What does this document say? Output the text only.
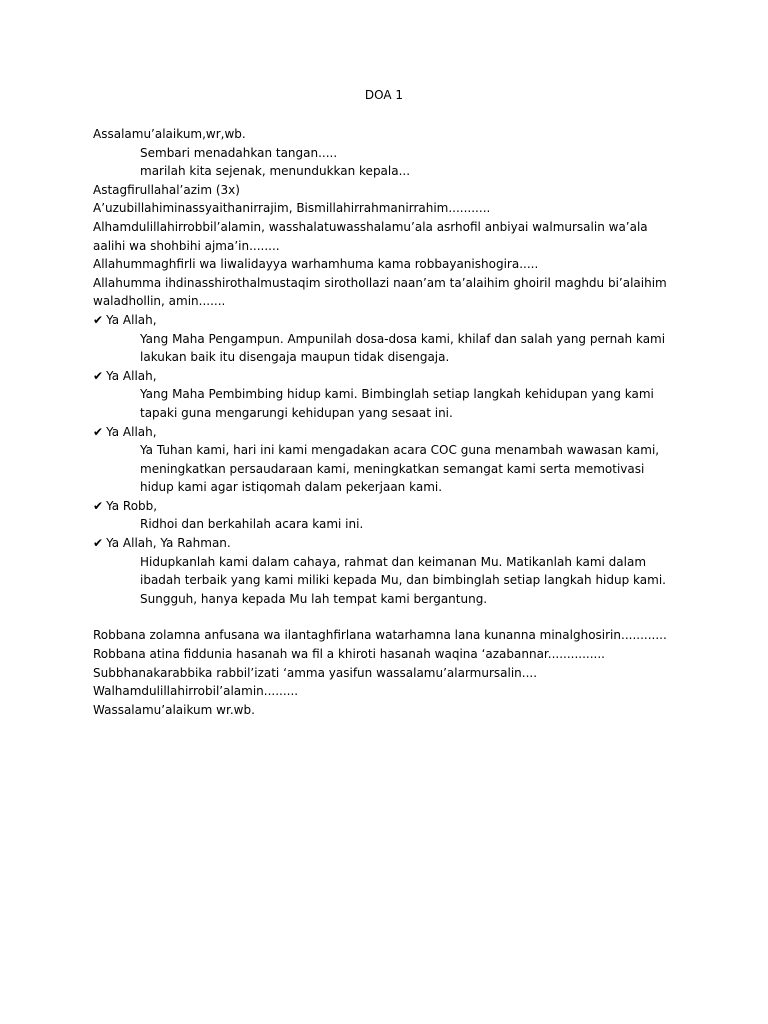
DOA 1
Assalamu’alaikum,wr,wb.
Sembari menadahkan tangan.....
marilah kita sejenak, menundukkan kepala...
Astagfirullahal’azim (3x)
A’uzubillahiminassyaithanirrajim, Bismillahirrahmanirrahim...........
Alhamdulillahirrobbil’alamin, wasshalatuwasshalamu’ala asrhofil anbiyai walmursalin wa’ala aalihi wa shohbihi ajma’in........
Allahummaghfirli wa liwalidayya warhamhuma kama robbayanishogira.....
Allahumma ihdinasshirothalmustaqim sirothollazi naan’am ta’alaihim ghoiril maghdu bi’alaihim waladhollin, amin.......
✔ Ya Allah,
Yang Maha Pengampun. Ampunilah dosa-dosa kami, khilaf dan salah yang pernah kami lakukan baik itu disengaja maupun tidak disengaja.
✔ Ya Allah,
Yang Maha Pembimbing hidup kami. Bimbinglah setiap langkah kehidupan yang kami tapaki guna mengarungi kehidupan yang sesaat ini.
✔ Ya Allah,
Ya Tuhan kami, hari ini kami mengadakan acara COC guna menambah wawasan kami, meningkatkan persaudaraan kami, meningkatkan semangat kami serta memotivasi hidup kami agar istiqomah dalam pekerjaan kami.
✔ Ya Robb,
Ridhoi dan berkahilah acara kami ini.
✔ Ya Allah, Ya Rahman.
Hidupkanlah kami dalam cahaya, rahmat dan keimanan Mu. Matikanlah kami dalam ibadah terbaik yang kami miliki kepada Mu, dan bimbinglah setiap langkah hidup kami. Sungguh, hanya kepada Mu lah tempat kami bergantung.
Robbana zolamna anfusana wa ilantaghfirlana watarhamna lana kunanna minalghosirin............
Robbana atina fiddunia hasanah wa fil a khiroti hasanah waqina ‘azabannar...............
Subbhanakarabbika rabbil’izati ‘amma yasifun wassalamu’alarmursalin....
Walhamdulillahirrobil’alamin.........
Wassalamu’alaikum wr.wb.
